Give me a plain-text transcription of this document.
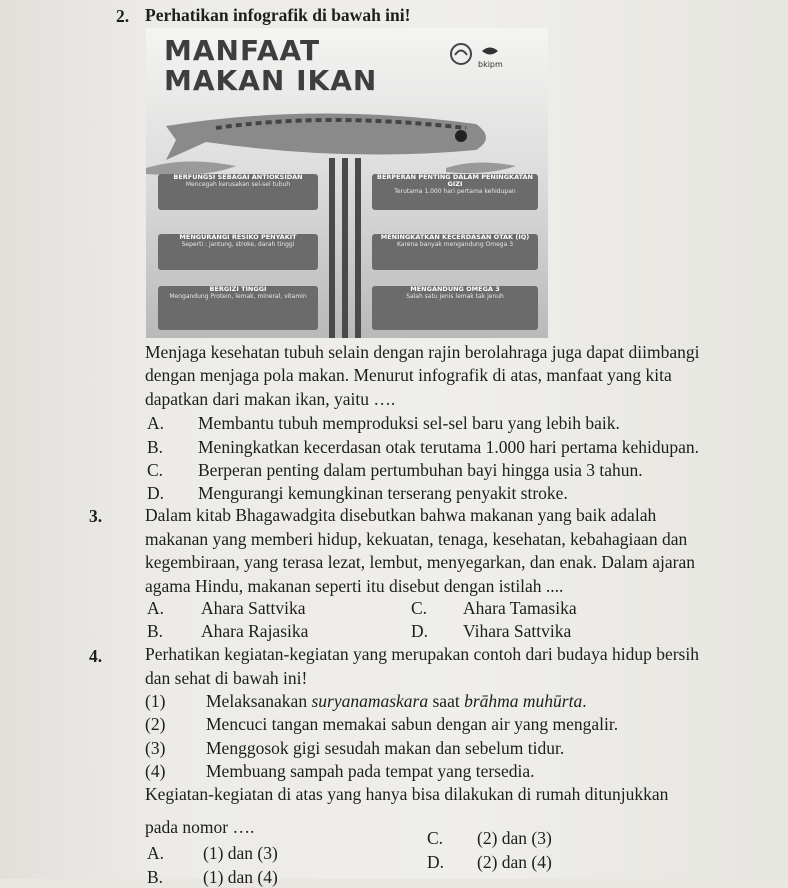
2. Perhatikan infografik di bawah ini!
MANFAAT
MAKAN IKAN	bkipm
BERFUNGSI SEBAGAI ANTIOKSIDAN
Mencegah kerusakan sel-sel tubuh
BERPERAN PENTING DALAM PENINGKATAN GIZI
Terutama 1.000 hari pertama kehidupan
MENGURANGI RESIKO PENYAKIT
Seperti : jantung, stroke, darah tinggi
MENINGKATKAN KECERDASAN OTAK (IQ)
Karena banyak mengandung Omega 3
BERGIZI TINGGI
Mengandung Protein, lemak, mineral, vitamin
MENGANDUNG OMEGA 3
Salah satu jenis lemak tak jenuh
Menjaga kesehatan tubuh selain dengan rajin berolahraga juga dapat diimbangi
dengan menjaga pola makan. Menurut infografik di atas, manfaat yang kita
dapatkan dari makan ikan, yaitu ….
A. Membantu tubuh memproduksi sel-sel baru yang lebih baik.
B. Meningkatkan kecerdasan otak terutama 1.000 hari pertama kehidupan.
C. Berperan penting dalam pertumbuhan bayi hingga usia 3 tahun.
D. Mengurangi kemungkinan terserang penyakit stroke.
3. Dalam kitab Bhagawadgita disebutkan bahwa makanan yang baik adalah
makanan yang memberi hidup, kekuatan, tenaga, kesehatan, kebahagiaan dan
kegembiraan, yang terasa lezat, lembut, menyegarkan, dan enak. Dalam ajaran
agama Hindu, makanan seperti itu disebut dengan istilah ....
A. Ahara Sattvika	C. Ahara Tamasika
B. Ahara Rajasika	D. Vihara Sattvika
4. Perhatikan kegiatan-kegiatan yang merupakan contoh dari budaya hidup bersih
dan sehat di bawah ini!
(1) Melaksanakan suryanamaskara saat brāhma muhūrta.
(2) Mencuci tangan memakai sabun dengan air yang mengalir.
(3) Menggosok gigi sesudah makan dan sebelum tidur.
(4) Membuang sampah pada tempat yang tersedia.
Kegiatan-kegiatan di atas yang hanya bisa dilakukan di rumah ditunjukkan
pada nomor ….
A. (1) dan (3)
C. (2) dan (3)
B. (1) dan (4)
D. (2) dan (4)
